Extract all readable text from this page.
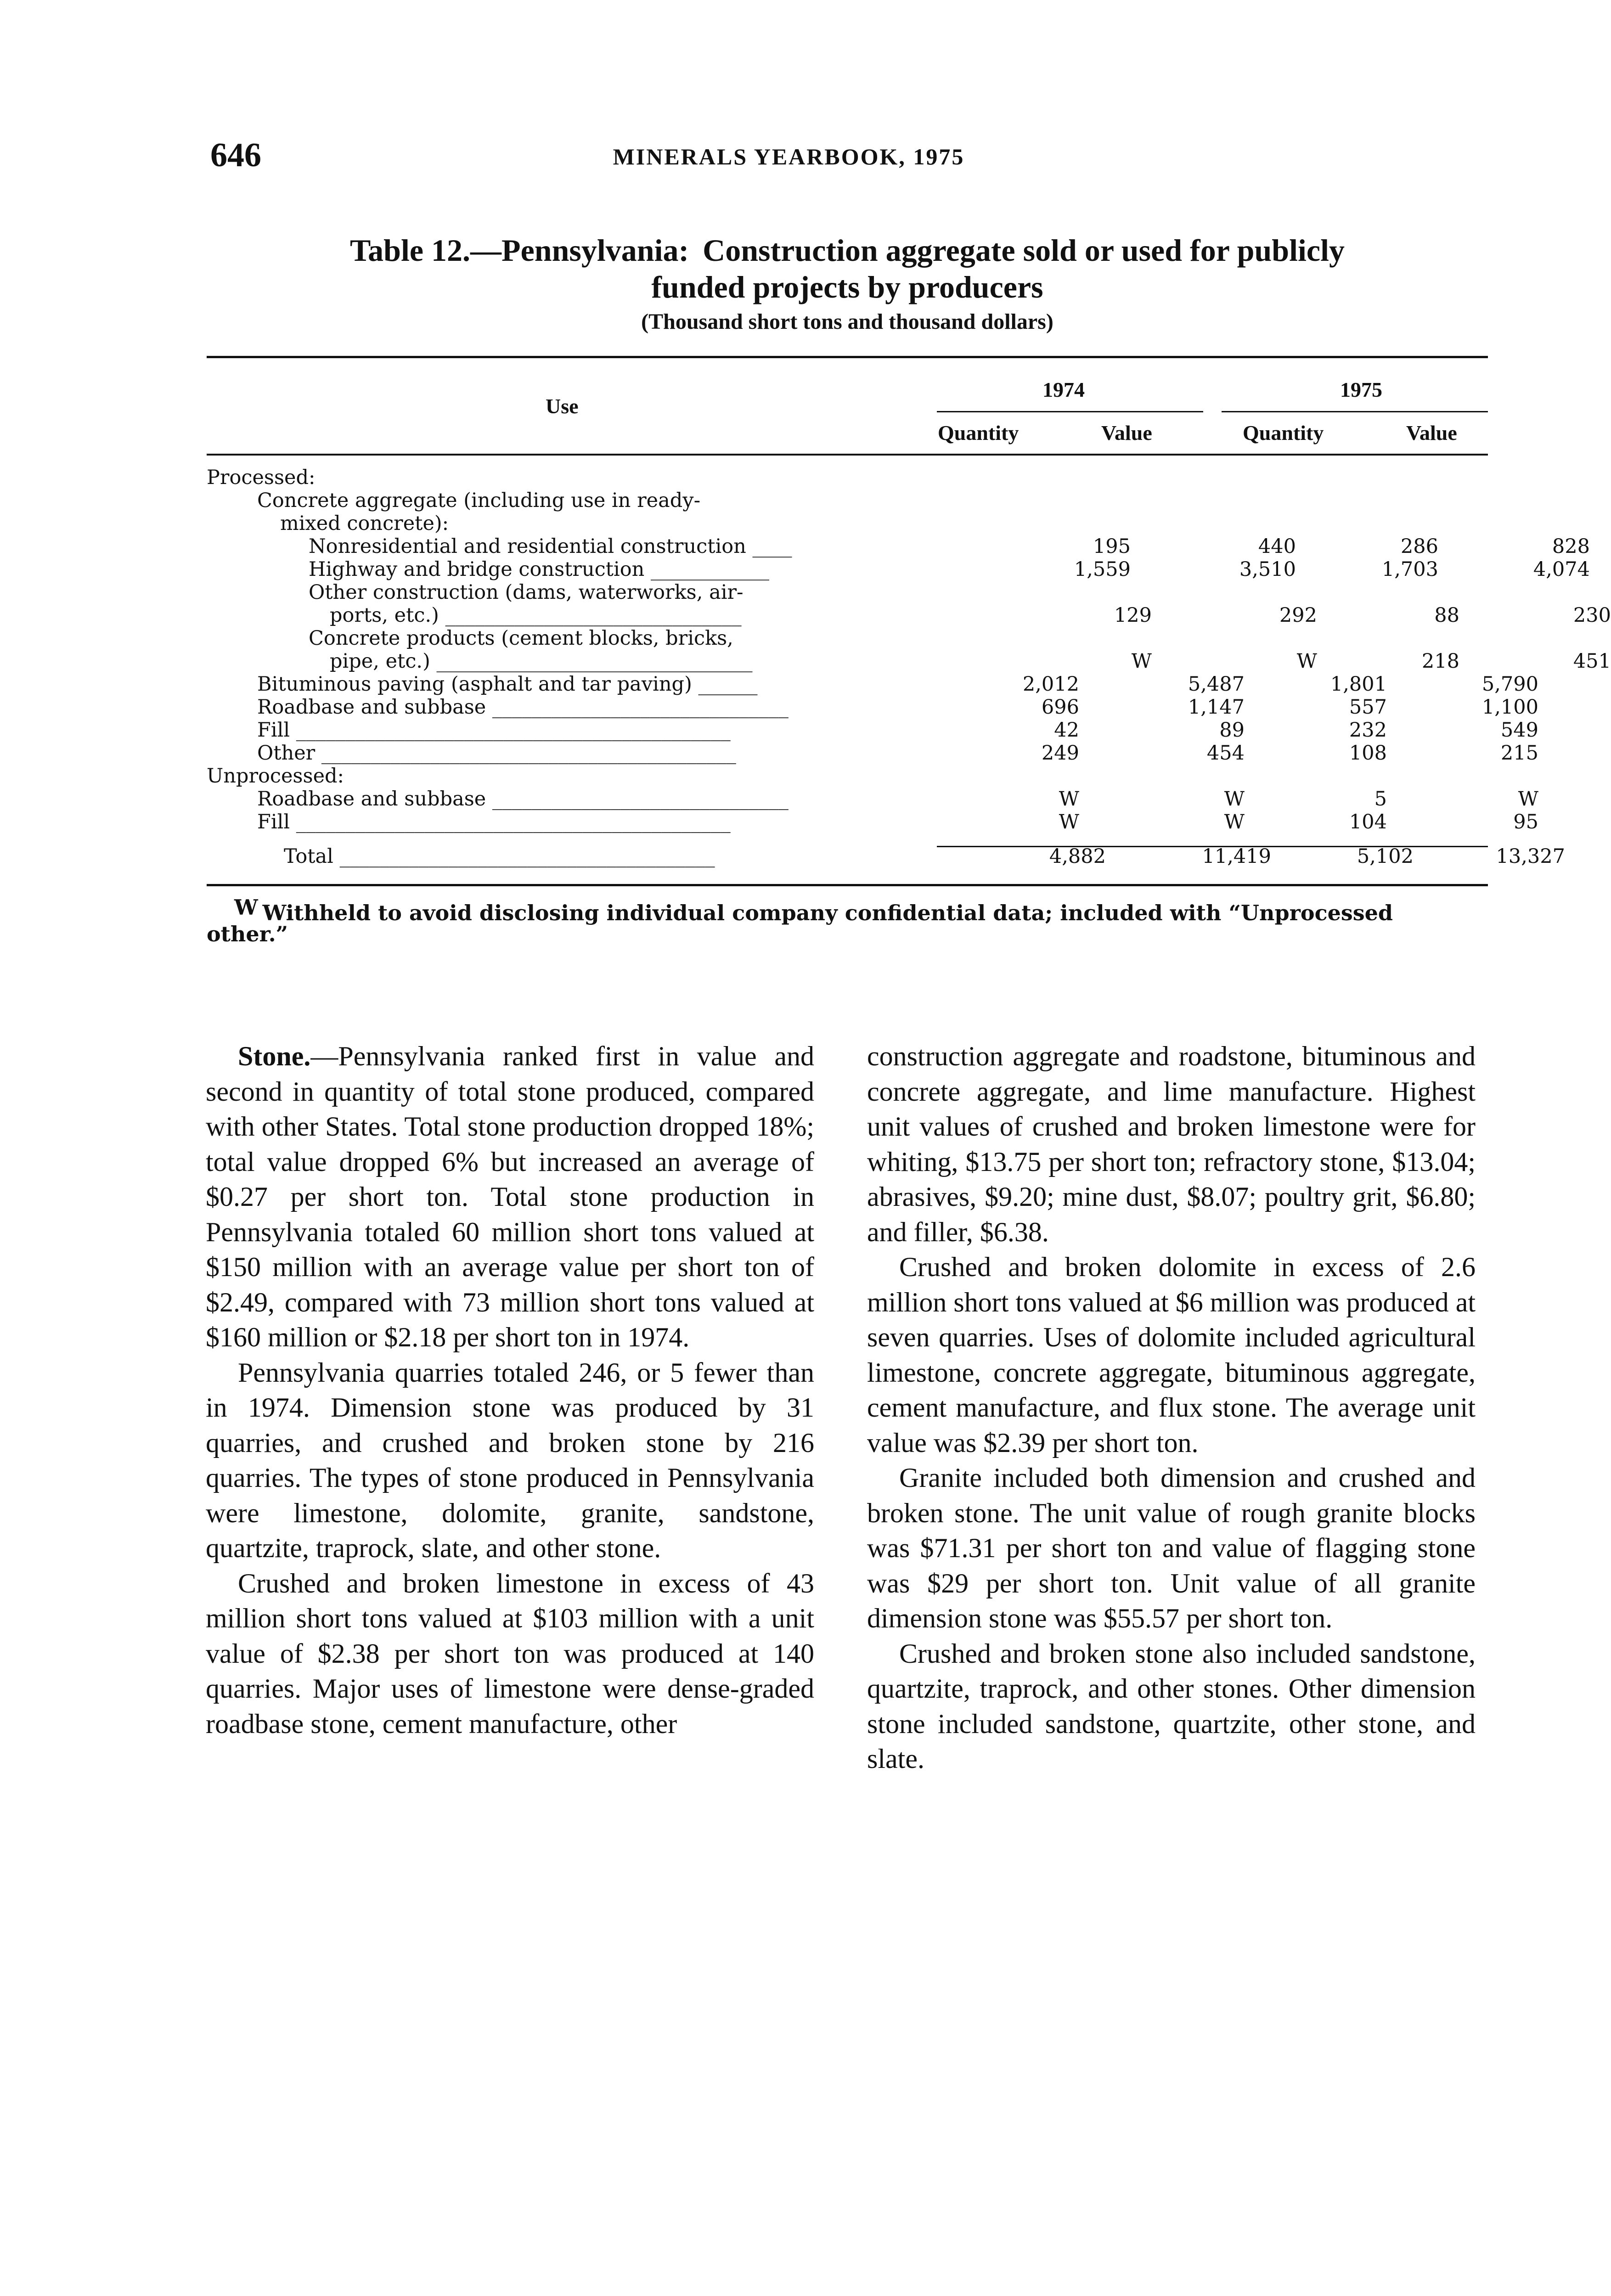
646	MINERALS YEARBOOK, 1975
Table 12.—Pennsylvania: Construction aggregate sold or used for publicly
funded projects by producers
(Thousand short tons and thousand dollars)
Use
1974	1975
Quantity	Value	Quantity	Value
Processed:
Concrete aggregate (including use in ready-
mixed concrete):
Nonresidential and residential construction ____	195	440	286	828
Highway and bridge construction ____________	1,559	3,510	1,703	4,074
Other construction (dams, waterworks, air-
ports, etc.) ______________________________	129	292	88	230
Concrete products (cement blocks, bricks,
pipe, etc.) ________________________________	W	W	218	451
Bituminous paving (asphalt and tar paving) ______	2,012	5,487	1,801	5,790
Roadbase and subbase ______________________________	696	1,147	557	1,100
Fill ____________________________________________	42	89	232	549
Other __________________________________________	249	454	108	215
Unprocessed:
Roadbase and subbase ______________________________	W	W	5	W
Fill ____________________________________________	W	W	104	95
Total ______________________________________	4,882	11,419	5,102	13,327
W Withheld to avoid disclosing individual company confidential data; included with “Unprocessed
other.”

Stone.—Pennsylvania ranked first in value and second in quantity of total stone produced, compared with other States. Total stone production dropped 18%; total value dropped 6% but increased an average of $0.27 per short ton. Total stone production in Pennsylvania totaled 60 million short tons valued at $150 million with an average value per short ton of $2.49, compared with 73 million short tons valued at $160 million or $2.18 per short ton in 1974.

Pennsylvania quarries totaled 246, or 5 fewer than in 1974. Dimension stone was produced by 31 quarries, and crushed and broken stone by 216 quarries. The types of stone produced in Pennsylvania were limestone, dolomite, granite, sandstone, quartzite, traprock, slate, and other stone.

Crushed and broken limestone in excess of 43 million short tons valued at $103 million with a unit value of $2.38 per short ton was produced at 140 quarries. Major uses of limestone were dense-graded roadbase stone, cement manufacture, other

construction aggregate and roadstone, bituminous and concrete aggregate, and lime manufacture. Highest unit values of crushed and broken limestone were for whiting, $13.75 per short ton; refractory stone, $13.04; abrasives, $9.20; mine dust, $8.07; poultry grit, $6.80; and filler, $6.38.

Crushed and broken dolomite in excess of 2.6 million short tons valued at $6 million was produced at seven quarries. Uses of dolomite included agricultural limestone, concrete aggregate, bituminous aggregate, cement manufacture, and flux stone. The average unit value was $2.39 per short ton.

Granite included both dimension and crushed and broken stone. The unit value of rough granite blocks was $71.31 per short ton and value of flagging stone was $29 per short ton. Unit value of all granite dimension stone was $55.57 per short ton.

Crushed and broken stone also included sandstone, quartzite, traprock, and other stones. Other dimension stone included sandstone, quartzite, other stone, and slate.
